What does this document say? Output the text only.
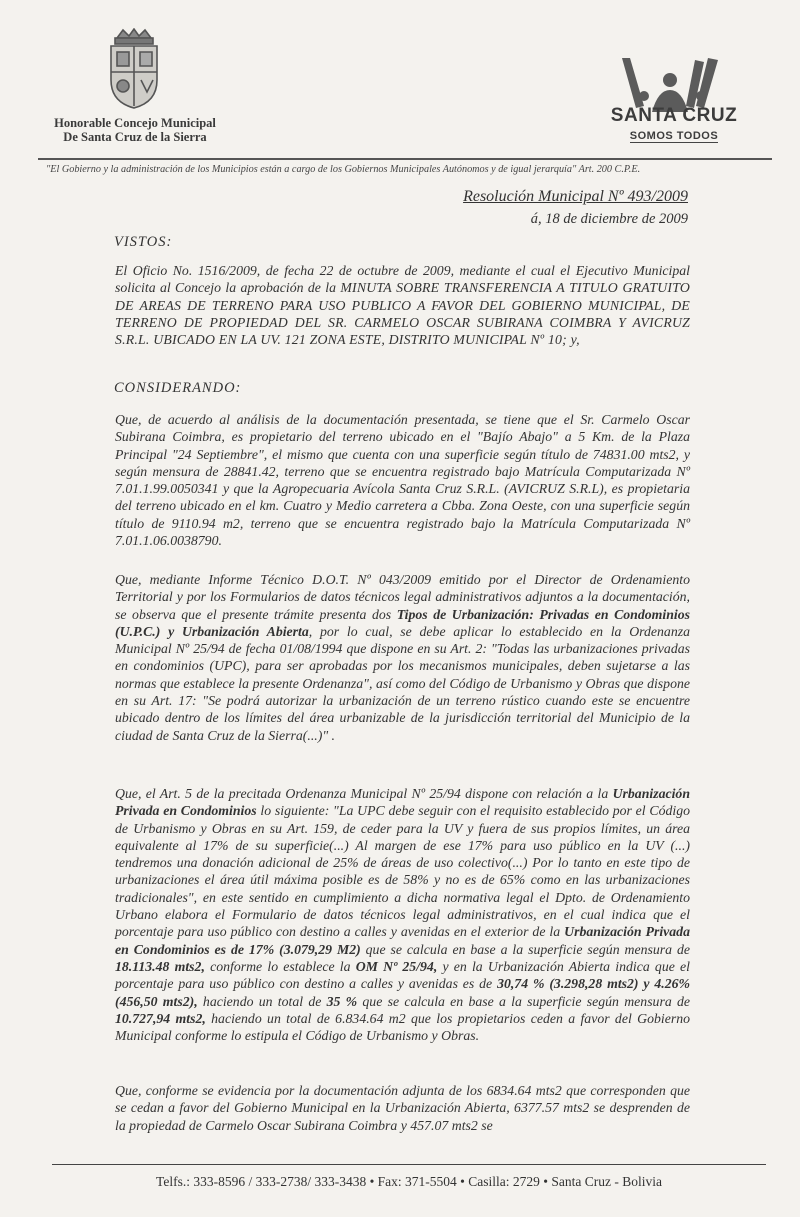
Honorable Concejo Municipal
De Santa Cruz de la Sierra
SANTA CRUZ
SOMOS TODOS
"El Gobierno y la administración de los Municipios están a cargo de los Gobiernos Municipales Autónomos y de igual jerarquía" Art. 200 C.P.E.
Resolución Municipal Nº 493/2009
á, 18 de diciembre de 2009
VISTOS:

El Oficio No. 1516/2009, de fecha 22 de octubre de 2009, mediante el cual el Ejecutivo Municipal solicita al Concejo la aprobación de la MINUTA SOBRE TRANSFERENCIA A TITULO GRATUITO DE AREAS DE TERRENO PARA USO PUBLICO A FAVOR DEL GOBIERNO MUNICIPAL, DE TERRENO DE PROPIEDAD DEL SR. CARMELO OSCAR SUBIRANA COIMBRA Y AVICRUZ S.R.L. UBICADO EN LA UV. 121 ZONA ESTE, DISTRITO MUNICIPAL Nº 10; y,

CONSIDERANDO:

Que, de acuerdo al análisis de la documentación presentada, se tiene que el Sr. Carmelo Oscar Subirana Coimbra, es propietario del terreno ubicado en el "Bajío Abajo" a 5 Km. de la Plaza Principal "24 Septiembre", el mismo que cuenta con una superficie según título de 74831.00 mts2, y según mensura de 28841.42, terreno que se encuentra registrado bajo Matrícula Computarizada Nº 7.01.1.99.0050341 y que la Agropecuaria Avícola Santa Cruz S.R.L. (AVICRUZ S.R.L), es propietaria del terreno ubicado en el km. Cuatro y Medio carretera a Cbba. Zona Oeste, con una superficie según título de 9110.94 m2, terreno que se encuentra registrado bajo la Matrícula Computarizada Nº 7.01.1.06.0038790.

Que, mediante Informe Técnico D.O.T. Nº 043/2009 emitido por el Director de Ordenamiento Territorial y por los Formularios de datos técnicos legal administrativos adjuntos a la documentación, se observa que el presente trámite presenta dos Tipos de Urbanización: Privadas en Condominios (U.P.C.) y Urbanización Abierta, por lo cual, se debe aplicar lo establecido en la Ordenanza Municipal Nº 25/94 de fecha 01/08/1994 que dispone en su Art. 2: "Todas las urbanizaciones privadas en condominios (UPC), para ser aprobadas por los mecanismos municipales, deben sujetarse a las normas que establece la presente Ordenanza", así como del Código de Urbanismo y Obras que dispone en su Art. 17: "Se podrá autorizar la urbanización de un terreno rústico cuando este se encuentre ubicado dentro de los límites del área urbanizable de la jurisdicción territorial del Municipio de la ciudad de Santa Cruz de la Sierra(...)" .

Que, el Art. 5 de la precitada Ordenanza Municipal Nº 25/94 dispone con relación a la Urbanización Privada en Condominios lo siguiente: "La UPC debe seguir con el requisito establecido por el Código de Urbanismo y Obras en su Art. 159, de ceder para la UV y fuera de sus propios límites, un área equivalente al 17% de su superficie(...) Al margen de ese 17% para uso público en la UV (...) tendremos una donación adicional de 25% de áreas de uso colectivo(...) Por lo tanto en este tipo de urbanizaciones el área útil máxima posible es de 58% y no es de 65% como en las urbanizaciones tradicionales", en este sentido en cumplimiento a dicha normativa legal el Dpto. de Ordenamiento Urbano elabora el Formulario de datos técnicos legal administrativos, en el cual indica que el porcentaje para uso público con destino a calles y avenidas en el exterior de la Urbanización Privada en Condominios es de 17% (3.079,29 M2) que se calcula en base a la superficie según mensura de 18.113.48 mts2, conforme lo establece la OM Nº 25/94, y en la Urbanización Abierta indica que el porcentaje para uso público con destino a calles y avenidas es de 30,74 % (3.298,28 mts2) y 4.26% (456,50 mts2), haciendo un total de 35 % que se calcula en base a la superficie según mensura de 10.727,94 mts2, haciendo un total de 6.834.64 m2 que los propietarios ceden a favor del Gobierno Municipal conforme lo estipula el Código de Urbanismo y Obras.

Que, conforme se evidencia por la documentación adjunta de los 6834.64 mts2 que corresponden que se cedan a favor del Gobierno Municipal en la Urbanización Abierta, 6377.57 mts2 se desprenden de la propiedad de Carmelo Oscar Subirana Coimbra y 457.07 mts2 se

Telfs.: 333-8596 / 333-2738/ 333-3438 • Fax: 371-5504 • Casilla: 2729 • Santa Cruz - Bolivia
